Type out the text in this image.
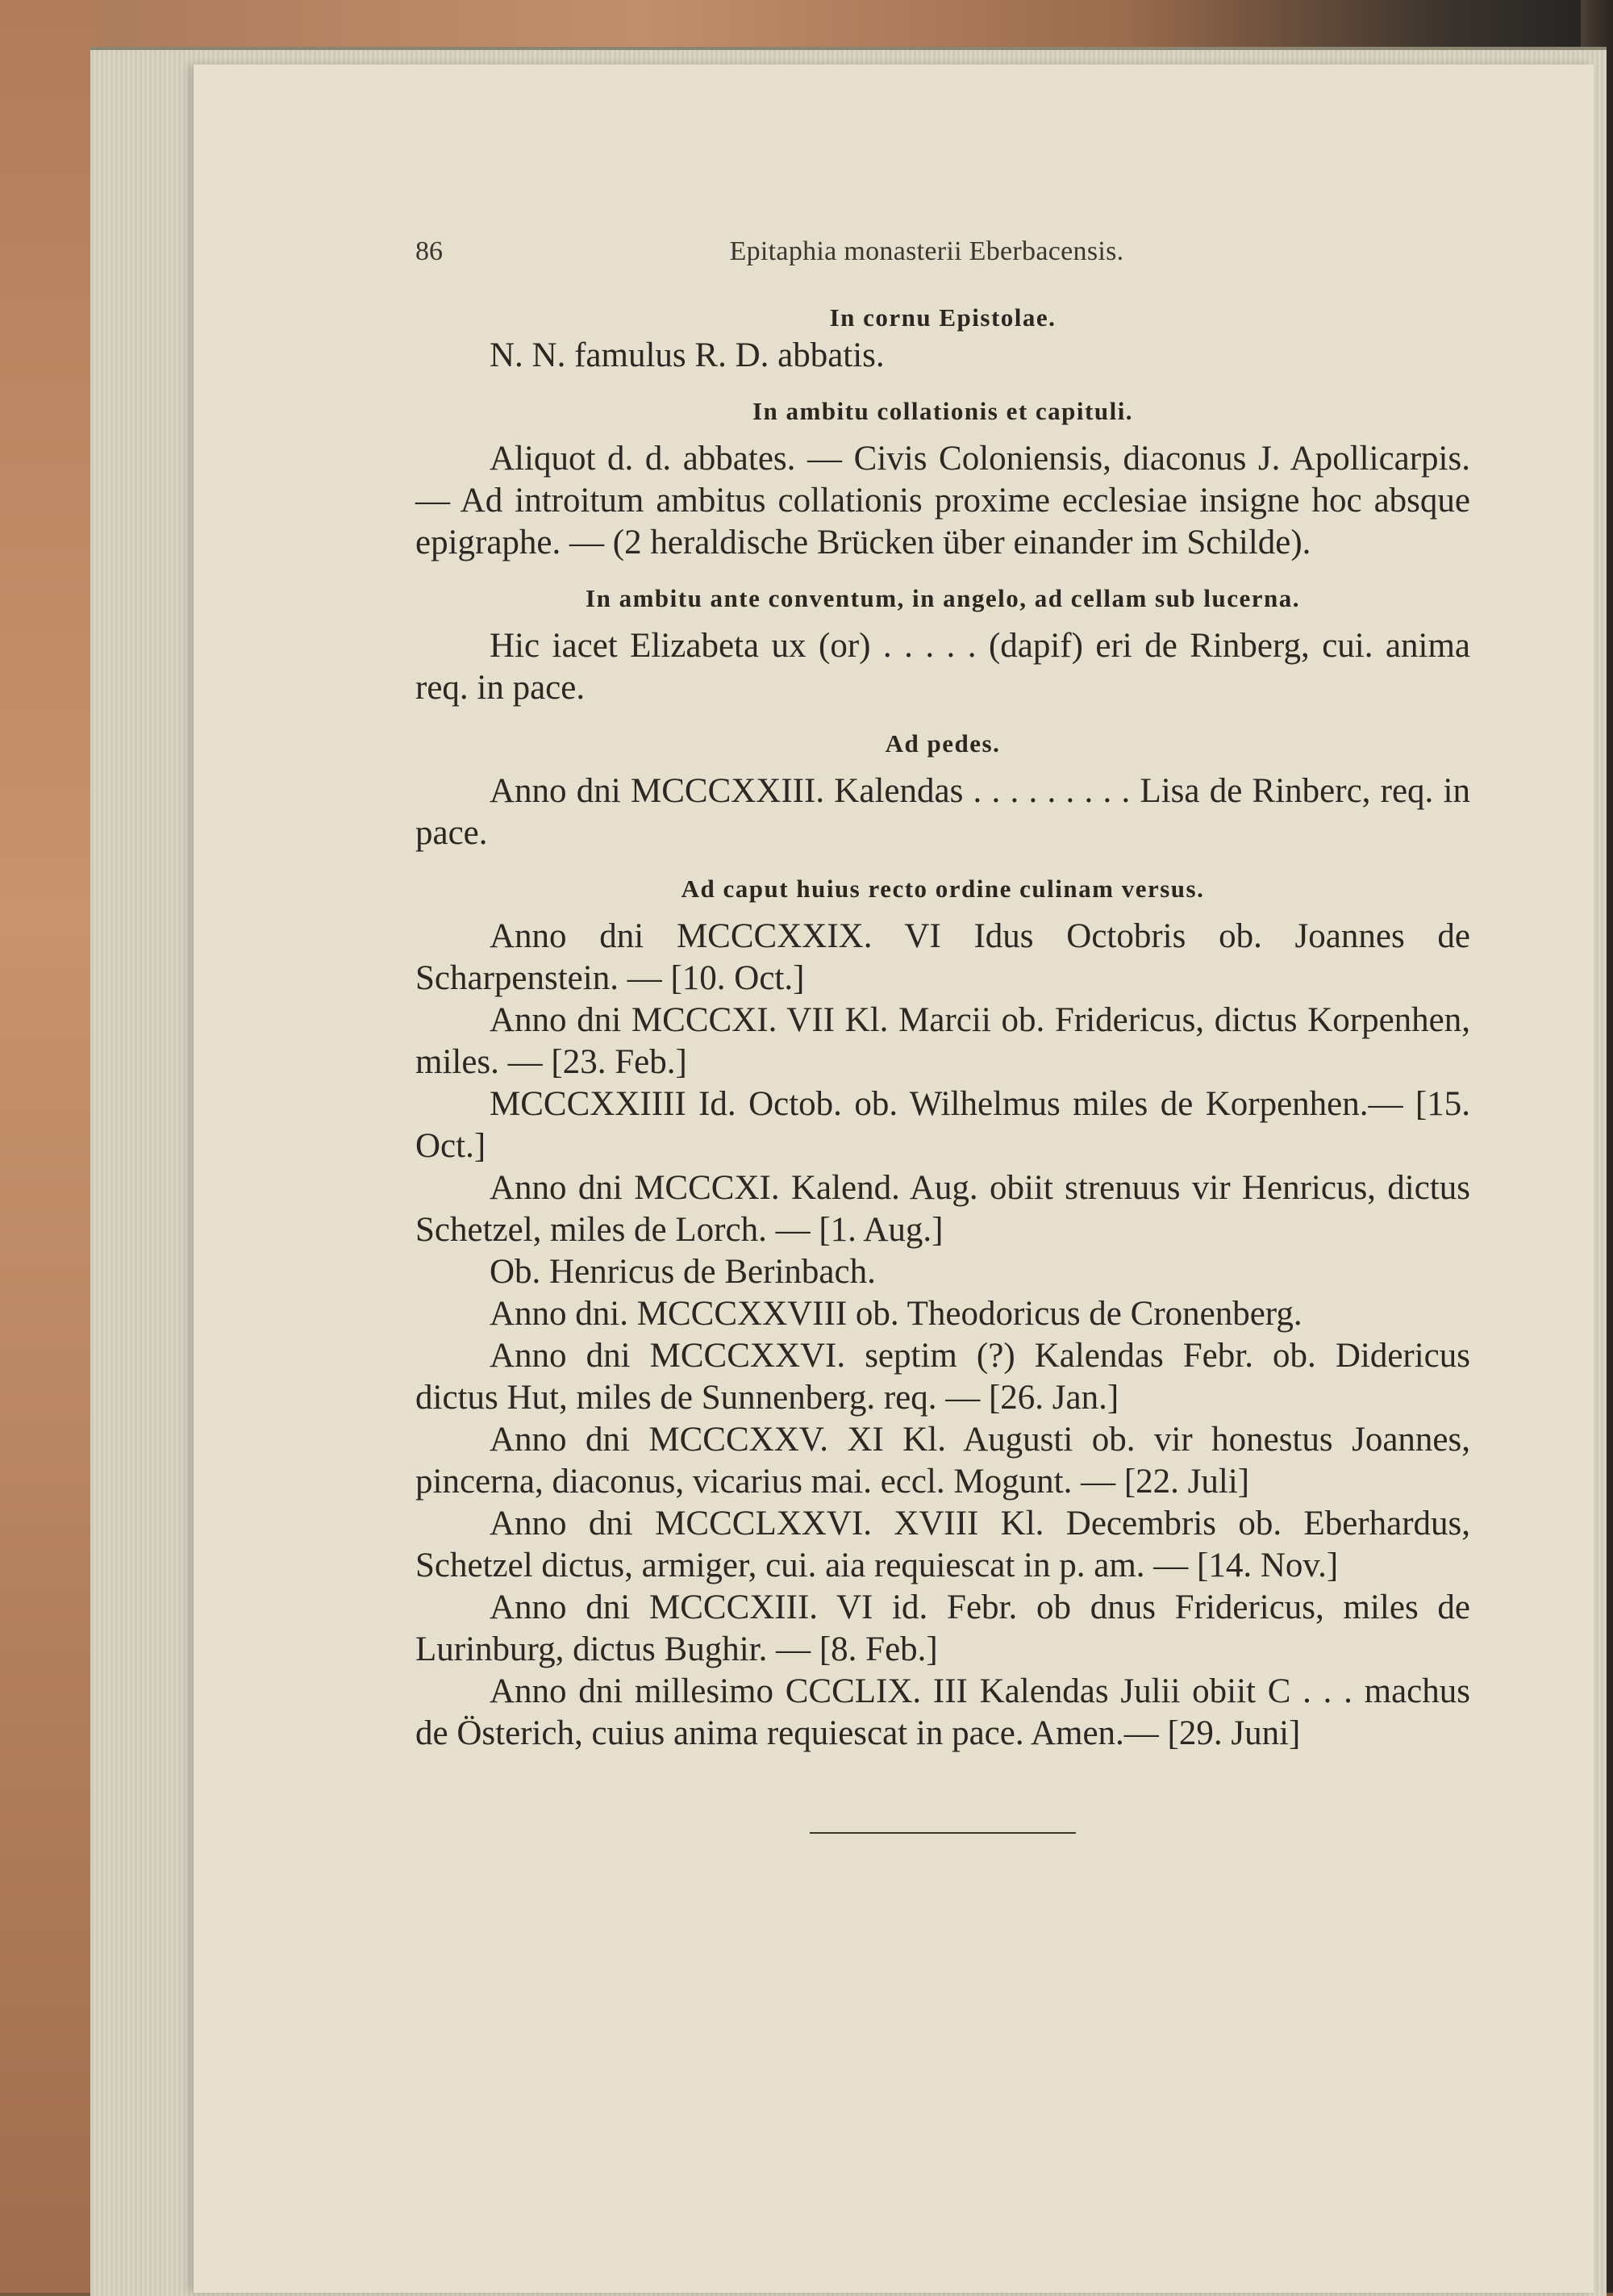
86	Epitaphia monasterii Eberbacensis.
In cornu Epistolae.

N. N. famulus R. D. abbatis.

In ambitu collationis et capituli.

Aliquot d. d. abbates. — Civis Coloniensis, diaconus J. Apollicarpis. — Ad introitum ambitus collationis proxime ecclesiae insigne hoc absque epigraphe. — (2 heraldische Brücken über einander im Schilde).

In ambitu ante conventum, in angelo, ad cellam sub lucerna.

Hic iacet Elizabeta ux (or) . . . . . (dapif) eri de Rinberg, cui. anima req. in pace.

Ad pedes.

Anno dni MCCCXXIII. Kalendas . . . . . . . . . Lisa de Rinberc, req. in pace.

Ad caput huius recto ordine culinam versus.

Anno dni MCCCXXIX. VI Idus Octobris ob. Joannes de Scharpenstein. — [10. Oct.]

Anno dni MCCCXI. VII Kl. Marcii ob. Fridericus, dictus Korpenhen, miles. — [23. Feb.]

MCCCXXIIII Id. Octob. ob. Wilhelmus miles de Korpenhen.— [15. Oct.]

Anno dni MCCCXI. Kalend. Aug. obiit strenuus vir Henricus, dictus Schetzel, miles de Lorch. — [1. Aug.]

Ob. Henricus de Berinbach.

Anno dni. MCCCXXVIII ob. Theodoricus de Cronenberg.

Anno dni MCCCXXVI. septim (?) Kalendas Febr. ob. Didericus dictus Hut, miles de Sunnenberg. req. — [26. Jan.]

Anno dni MCCCXXV. XI Kl. Augusti ob. vir honestus Joannes, pincerna, diaconus, vicarius mai. eccl. Mogunt. — [22. Juli]

Anno dni MCCCLXXVI. XVIII Kl. Decembris ob. Eberhardus, Schetzel dictus, armiger, cui. aia requiescat in p. am. — [14. Nov.]

Anno dni MCCCXIII. VI id. Febr. ob dnus Fridericus, miles de Lurinburg, dictus Bughir. — [8. Feb.]

Anno dni millesimo CCCLIX. III Kalendas Julii obiit C . . . machus de Österich, cuius anima requiescat in pace. Amen.— [29. Juni]
